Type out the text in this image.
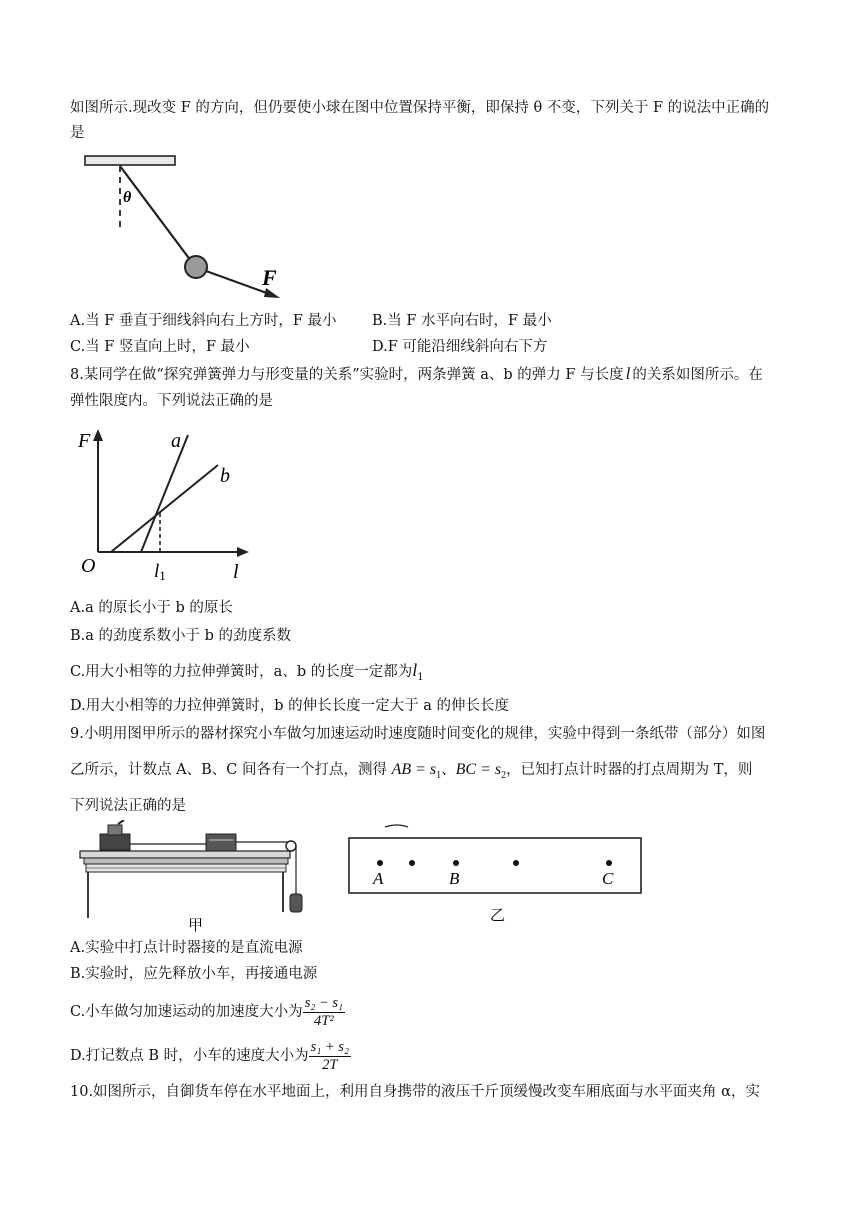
如图所示.现改变 F 的方向，但仍要使小球在图中位置保持平衡，即保持 θ 不变，下列关于 F 的说法中正确的
是
θ
F
A.当 F 垂直于细线斜向右上方时，F 最小 B.当 F 水平向右时，F 最小
C.当 F 竖直向上时，F 最小	D.F 可能沿细线斜向右下方
8.某同学在做“探究弹簧弹力与形变量的关系”实验时，两条弹簧 a、b 的弹力 F 与长度 l 的关系如图所示。在
弹性限度内。下列说法正确的是
F
O	l
l1
a
b
A.a 的原长小于 b 的原长
B.a 的劲度系数小于 b 的劲度系数
C.用大小相等的力拉伸弹簧时，a、b 的长度一定都为$l_1$
D.用大小相等的力拉伸弹簧时，b 的伸长长度一定大于 a 的伸长长度
9.小明用图甲所示的器材探究小车做匀加速运动时速度随时间变化的规律，实验中得到一条纸带（部分）如图
乙所示，计数点 A、B、C 间各有一个打点，测得 AB = $s_1$、BC = $s_2$，已知打点计时器的打点周期为 T，则
下列说法正确的是
甲
A	B	C
乙
A.实验中打点计时器接的是直流电源
B.实验时，应先释放小车，再接通电源
C.小车做匀加速运动的加速度大小为 $\frac{\text{s₂ − s₁}}{\text{4T²}}$
D.打记数点 B 时，小车的速度大小为 $\frac{\text{s₁ + s₂}}{2T}$
10.如图所示，自御货车停在水平地面上，利用自身携带的液压千斤顶缓慢改变车厢底面与水平面夹角 α，实
